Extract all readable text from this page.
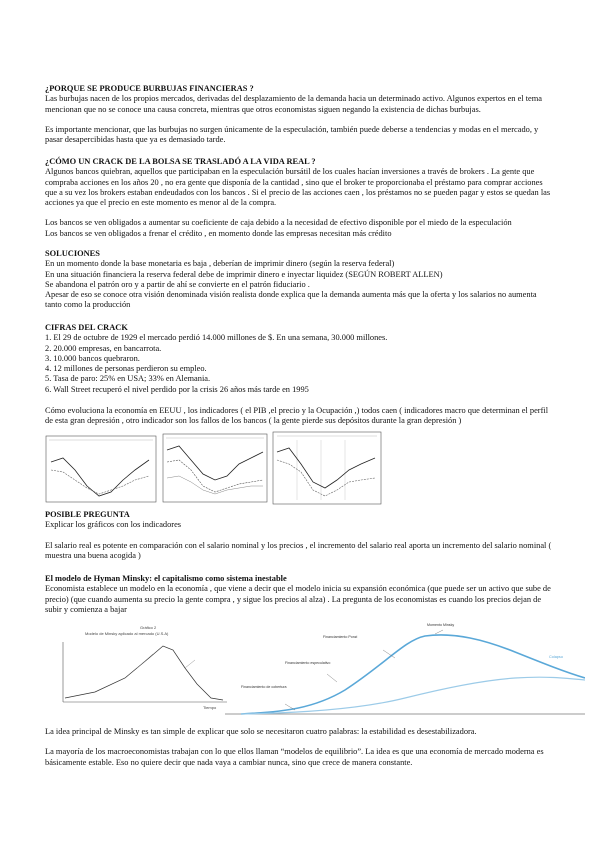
¿PORQUE SE PRODUCE BURBUJAS FINANCIERAS ?

Las burbujas nacen de los propios mercados, derivadas del desplazamiento de la demanda hacia un determinado activo. Algunos expertos en el tema mencionan que no se conoce una causa concreta, mientras que otros economistas siguen negando la existencia de dichas burbujas.

Es importante mencionar, que las burbujas no surgen únicamente de la especulación, también puede deberse a tendencias y modas en el mercado, y pasar desapercibidas hasta que ya es demasiado tarde.

¿CÓMO UN CRACK DE LA BOLSA SE TRASLADÓ A LA VIDA REAL ?

Algunos bancos quiebran, aquellos que participaban en la especulación bursátil de los cuales hacían inversiones a través de brokers . La gente que compraba acciones en los años 20 , no era gente que disponía de la cantidad , sino que el broker te proporcionaba el préstamo para comprar acciones que a su vez los brokers estaban endeudados con los bancos . Si el precio de las acciones caen , los préstamos no se pueden pagar y estos se quedan las acciones ya que el precio en este momento es menor al de la compra.

Los bancos se ven obligados a aumentar su coeficiente de caja debido a la necesidad de efectivo disponible por el miedo de la especulación

Los bancos se ven obligados a frenar el crédito , en momento donde las empresas necesitan más crédito

SOLUCIONES

En un momento donde la base monetaria es baja , deberían de imprimir dinero (según la reserva federal)

En una situación financiera la reserva federal debe de imprimir dinero e inyectar liquidez (SEGÚN ROBERT ALLEN)

Se abandona el patrón oro y a partir de ahí se convierte en el patrón fiduciario .

Apesar de eso se conoce otra visión denominada visión realista donde explica que la demanda aumenta más que la oferta y los salarios no aumenta tanto como la producción

CIFRAS DEL CRACK

1. El 29 de octubre de 1929 el mercado perdió 14.000 millones de $. En una semana, 30.000 millones.

2. 20.000 empresas, en bancarrota.

3. 10.000 bancos quebraron.

4. 12 millones de personas perdieron su empleo.

5. Tasa de paro: 25% en USA; 33% en Alemania.

6. Wall Street recuperó el nivel perdido por la crisis 26 años más tarde en 1995

Cómo evoluciona la economía en EEUU , los indicadores ( el PIB ,el precio y la Ocupación ,) todos caen ( indicadores macro que determinan el perfil de esta gran depresión , otro indicador son los fallos de los bancos ( la gente pierde sus depósitos durante la gran depresión )

POSIBLE PREGUNTA

Explicar los gráficos con los indicadores

El salario real es potente en comparación con el salario nominal y los precios , el incremento del salario real aporta un incremento del salario nominal ( muestra una buena acogida )

El modelo de Hyman Minsky: el capitalismo como sistema inestable

Economista establece un modelo en la economía , que viene a decir que el modelo inicia su expansión económica (que puede ser un activo que sube de precio) (que cuando aumenta su precio la gente compra , y sigue los precios al alza) . La pregunta de los economistas es cuando los precios dejan de subir y comienza a bajar

Gráfico 2
Modelo de Minsky aplicado al mercado (U.S.A)
Tiempo
Financiamiento de cobertura
Financiamiento especulativo
Financiamiento Ponzi
Momento Minsky
Colapso

La idea principal de Minsky es tan simple de explicar que solo se necesitaron cuatro palabras: la estabilidad es desestabilizadora.

La mayoría de los macroeconomistas trabajan con lo que ellos llaman “modelos de equilibrio”. La idea es que una economía de mercado moderna es básicamente estable. Eso no quiere decir que nada vaya a cambiar nunca, sino que crece de manera constante.
